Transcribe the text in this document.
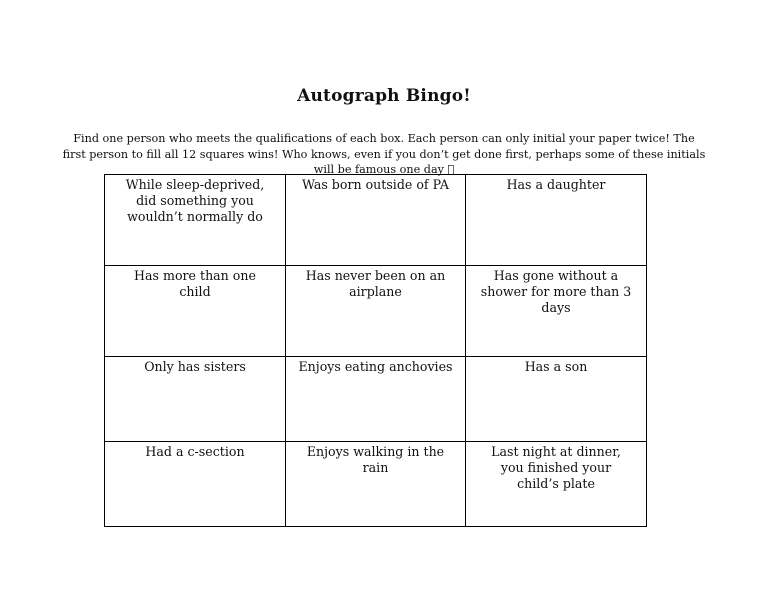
Autograph Bingo!
Find one person who meets the qualifications of each box. Each person can only initial your paper twice! The first person to fill all 12 squares wins! Who knows, even if you don’t get done first, perhaps some of these initials will be famous one day
While sleep-deprived, did something you wouldn’t normally do	Was born outside of PA	Has a daughter
Has more than one child	Has never been on an airplane	Has gone without a shower for more than 3 days
Only has sisters	Enjoys eating anchovies	Has a son
Had a c-section	Enjoys walking in the rain	Last night at dinner, you finished your child’s plate
